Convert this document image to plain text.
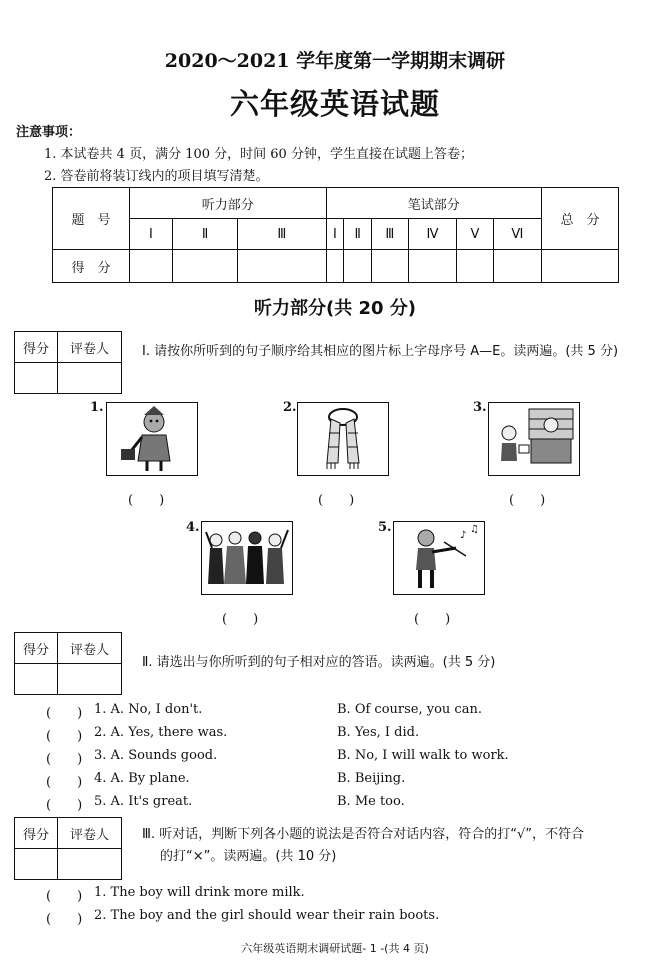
2020～2021 学年度第一学期期末调研
六年级英语试题
注意事项：
1. 本试卷共 4 页，满分 100 分，时间 60 分钟，学生直接在试题上答卷；
2. 答卷前将装订线内的项目填写清楚。
题　号	听力部分			笔试部分						总　分
	Ⅰ	Ⅱ	Ⅲ	Ⅰ	Ⅱ	Ⅲ	Ⅳ	Ⅴ	Ⅵ	
得　分										
听力部分(共 20 分)
得分	评卷人
		Ⅰ. 请按你所听到的句子顺序给其相应的图片标上字母序号 A—E。读两遍。(共 5 分)
1.
(　　)
2.
(　　)
3.
(　　)
4.
(　　)
5.
♪
♫
(　　)
得分	评卷人

Ⅱ. 请选出与你所听到的句子相对应的答语。读两遍。(共 5 分)
(　　) 1. A. No, I don't.	B. Of course, you can.
(　　) 2. A. Yes, there was.	B. Yes, I did.
(　　) 3. A. Sounds good.	B. No, I will walk to work.
(　　) 4. A. By plane.	B. Beijing.
(　　) 5. A. It's great.	B. Me too.
得分	评卷人
		Ⅲ. 听对话，判断下列各小题的说法是否符合对话内容，符合的打“√”，不符合
的打“×”。读两遍。(共 10 分)
(　　) 1. The boy will drink more milk.
(　　) 2. The boy and the girl should wear their rain boots.
六年级英语期末调研试题- 1 -(共 4 页)
